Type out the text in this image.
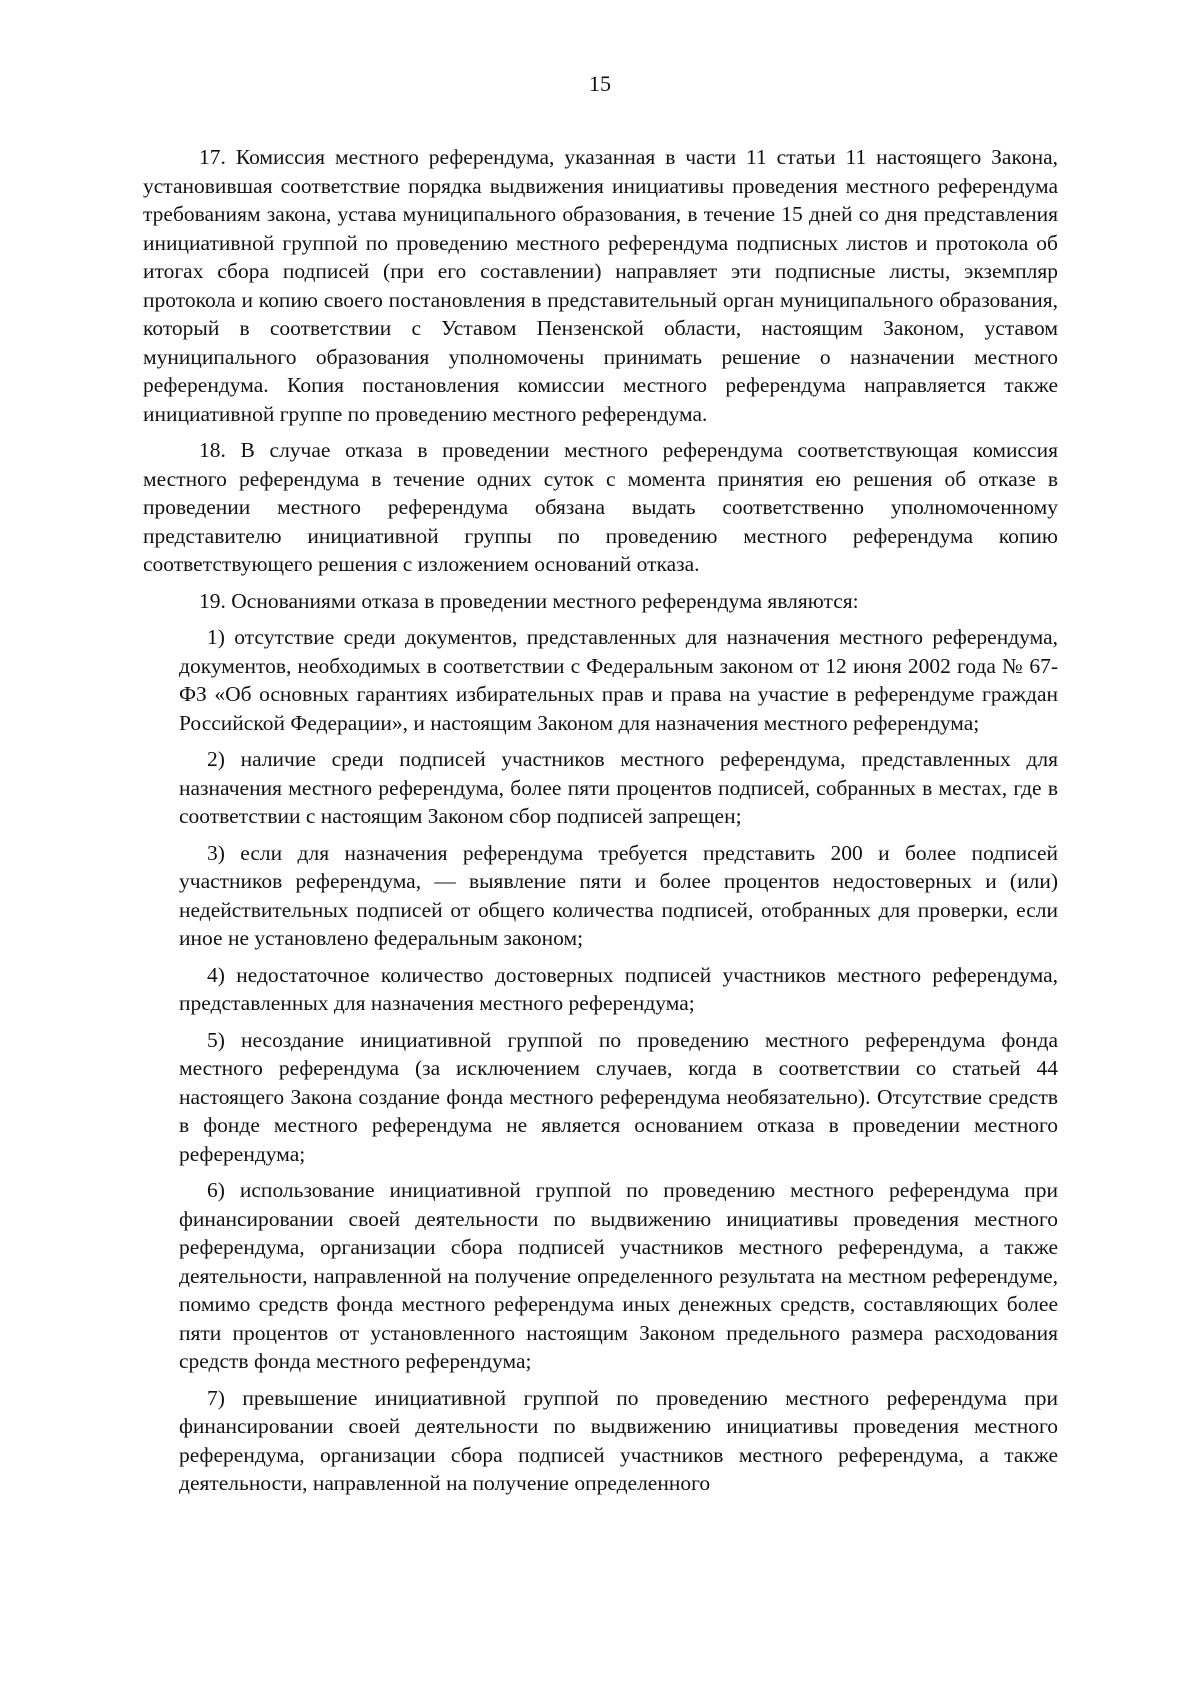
15

17. Комиссия местного референдума, указанная в части 11 статьи 11 настоящего Закона, установившая соответствие порядка выдвижения инициативы проведения местного референдума требованиям закона, устава муниципального образования, в течение 15 дней со дня представления инициативной группой по проведению местного референдума подписных листов и протокола об итогах сбора подписей (при его составлении) направляет эти подписные листы, экземпляр протокола и копию своего постановления в представительный орган муниципального образования, который в соответствии с Уставом Пензенской области, настоящим Законом, уставом муниципального образования уполномочены принимать решение о назначении местного референдума. Копия постановления комиссии местного референдума направляется также инициативной группе по проведению местного референдума.

18. В случае отказа в проведении местного референдума соответствующая комиссия местного референдума в течение одних суток с момента принятия ею решения об отказе в проведении местного референдума обязана выдать соответственно уполномоченному представителю инициативной группы по проведению местного референдума копию соответствующего решения с изложением оснований отказа.

19. Основаниями отказа в проведении местного референдума являются:

1) отсутствие среди документов, представленных для назначения местного референдума, документов, необходимых в соответствии с Федеральным законом от 12 июня 2002 года № 67-ФЗ «Об основных гарантиях избирательных прав и права на участие в референдуме граждан Российской Федерации», и настоящим Законом для назначения местного референдума;

2) наличие среди подписей участников местного референдума, представленных для назначения местного референдума, более пяти процентов подписей, собранных в местах, где в соответствии с настоящим Законом сбор подписей запрещен;

3) если для назначения референдума требуется представить 200 и более подписей участников референдума, — выявление пяти и более процентов недостоверных и (или) недействительных подписей от общего количества подписей, отобранных для проверки, если иное не установлено федеральным законом;

4) недостаточное количество достоверных подписей участников местного референдума, представленных для назначения местного референдума;

5) несоздание инициативной группой по проведению местного референдума фонда местного референдума (за исключением случаев, когда в соответствии со статьей 44 настоящего Закона создание фонда местного референдума необязательно). Отсутствие средств в фонде местного референдума не является основанием отказа в проведении местного референдума;

6) использование инициативной группой по проведению местного референдума при финансировании своей деятельности по выдвижению инициативы проведения местного референдума, организации сбора подписей участников местного референдума, а также деятельности, направленной на получение определенного результата на местном референдуме, помимо средств фонда местного референдума иных денежных средств, составляющих более пяти процентов от установленного настоящим Законом предельного размера расходования средств фонда местного референдума;

7) превышение инициативной группой по проведению местного референдума при финансировании своей деятельности по выдвижению инициативы проведения местного референдума, организации сбора подписей участников местного референдума, а также деятельности, направленной на получение определенного
